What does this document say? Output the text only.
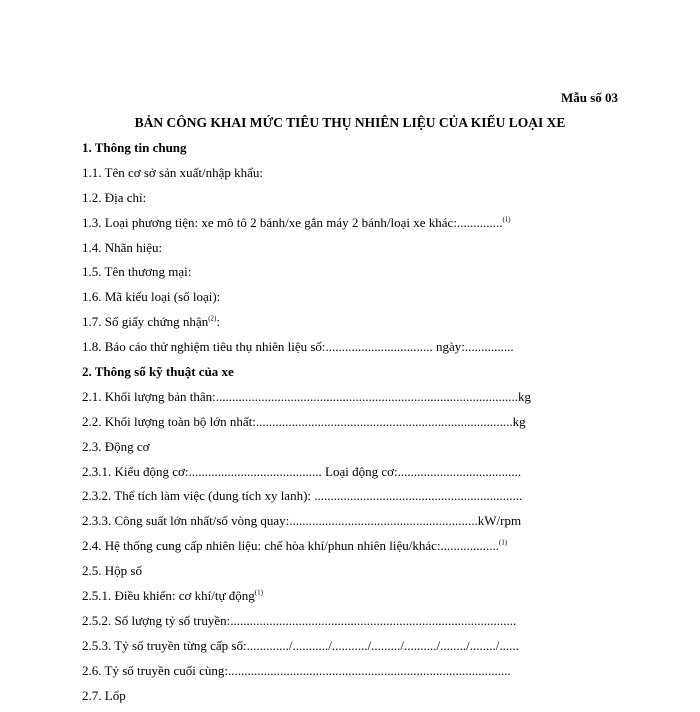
Mẫu số 03
BẢN CÔNG KHAI MỨC TIÊU THỤ NHIÊN LIỆU CỦA KIỂU LOẠI XE
1. Thông tin chung
1.1. Tên cơ sở sản xuất/nhập khẩu:
1.2. Địa chỉ:
1.3. Loại phương tiện: xe mô tô 2 bánh/xe gắn máy 2 bánh/loại xe khác:..............$^{(1)}$
1.4. Nhãn hiệu:
1.5. Tên thương mại:
1.6. Mã kiểu loại (số loại):
1.7. Số giấy chứng nhận$^{(2)}$:
1.8. Báo cáo thử nghiệm tiêu thụ nhiên liệu số:................................. ngày:...............
2. Thông số kỹ thuật của xe
2.1. Khối lượng bản thân:.............................................................................................kg
2.2. Khối lượng toàn bộ lớn nhất:...............................................................................kg
2.3. Động cơ
2.3.1. Kiểu động cơ:......................................... Loại động cơ:......................................
2.3.2. Thể tích làm việc (dung tích xy lanh): ................................................................
2.3.3. Công suất lớn nhất/số vòng quay:..........................................................kW/rpm
2.4. Hệ thống cung cấp nhiên liệu: chế hòa khí/phun nhiên liệu/khác:..................$^{(1)}$
2.5. Hộp số
2.5.1. Điều khiển: cơ khí/tự động$^{(1)}$
2.5.2. Số lượng tỷ số truyền:........................................................................................
2.5.3. Tỷ số truyền từng cấp số:............./.........../.........../........./........../......../......../......
2.6. Tỷ số truyền cuối cùng:.......................................................................................
2.7. Lốp
